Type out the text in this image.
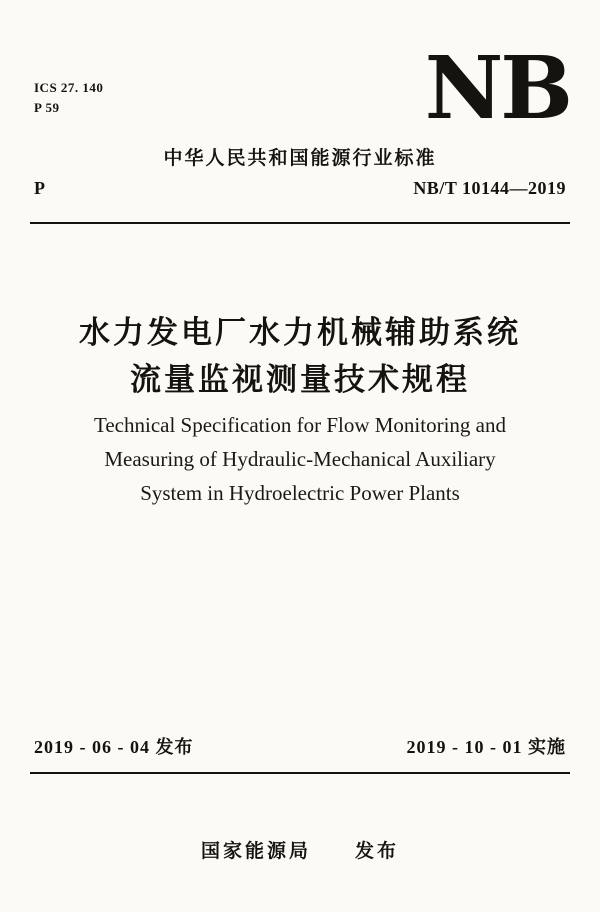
ICS 27. 140
P 59	NB
中华人民共和国能源行业标准
P	NB/T 10144—2019
水力发电厂水力机械辅助系统
流量监视测量技术规程
Technical Specification for Flow Monitoring and
Measuring of Hydraulic-Mechanical Auxiliary
System in Hydroelectric Power Plants
2019 - 06 - 04 发布	2019 - 10 - 01 实施
国家能源局　　发布
